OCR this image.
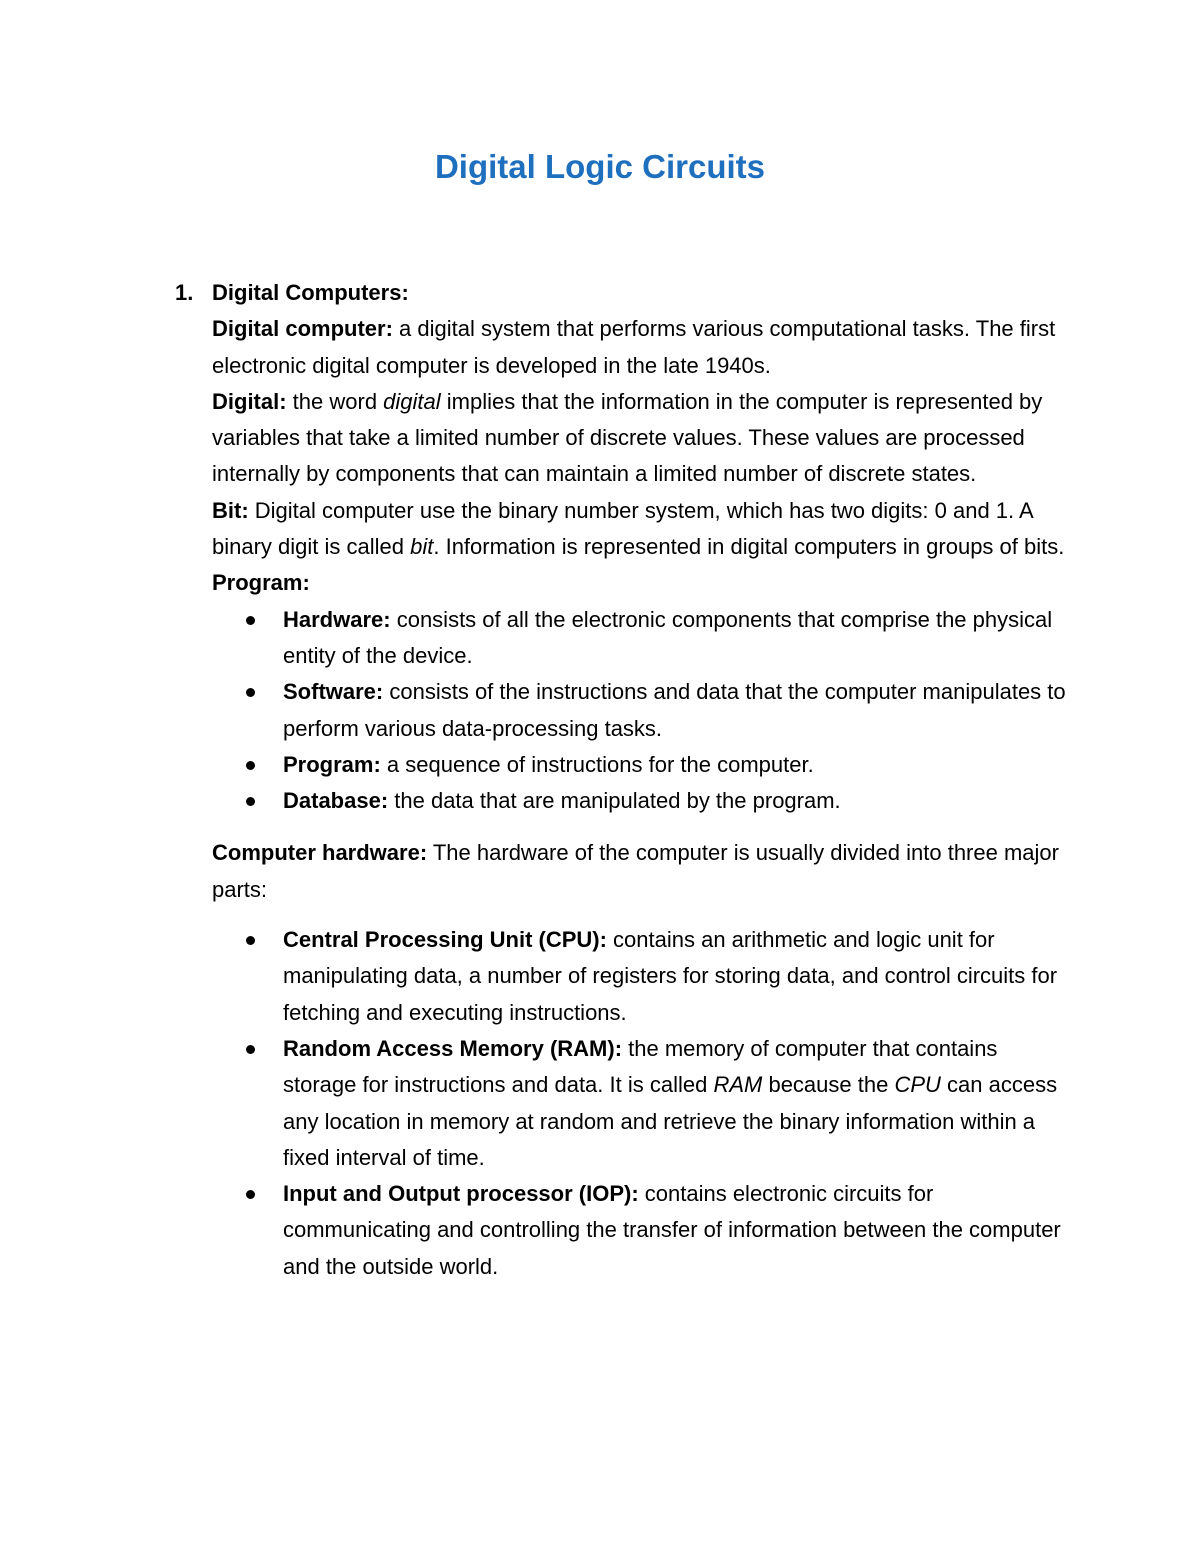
Digital Logic Circuits
1. Digital Computers:

Digital computer: a digital system that performs various computational tasks. The first electronic digital computer is developed in the late 1940s.

Digital: the word digital implies that the information in the computer is represented by variables that take a limited number of discrete values. These values are processed internally by components that can maintain a limited number of discrete states.

Bit: Digital computer use the binary number system, which has two digits: 0 and 1. A binary digit is called bit. Information is represented in digital computers in groups of bits.

Program:

Hardware: consists of all the electronic components that comprise the physical entity of the device.
Software: consists of the instructions and data that the computer manipulates to perform various data-processing tasks.
Program: a sequence of instructions for the computer.
Database: the data that are manipulated by the program.

Computer hardware: The hardware of the computer is usually divided into three major parts:

Central Processing Unit (CPU): contains an arithmetic and logic unit for manipulating data, a number of registers for storing data, and control circuits for fetching and executing instructions.
Random Access Memory (RAM): the memory of computer that contains storage for instructions and data. It is called RAM because the CPU can access any location in memory at random and retrieve the binary information within a fixed interval of time.
Input and Output processor (IOP): contains electronic circuits for communicating and controlling the transfer of information between the computer and the outside world.
